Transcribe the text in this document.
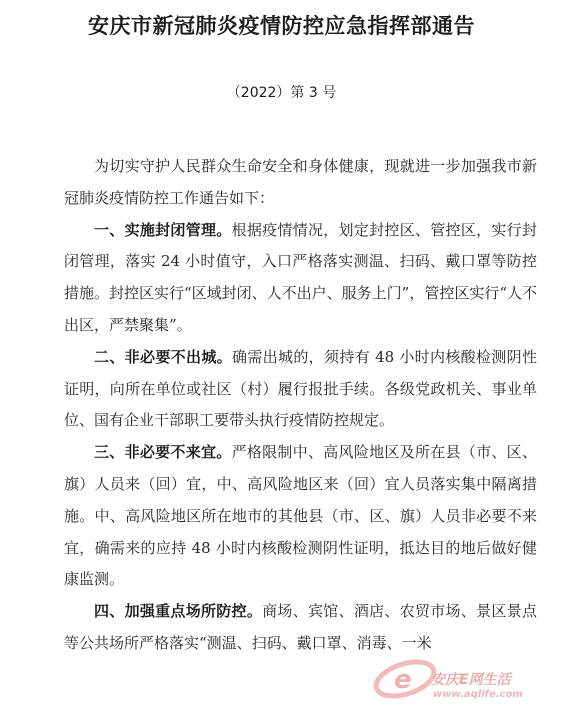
安庆市新冠肺炎疫情防控应急指挥部通告
（2022）第 3 号

为切实守护人民群众生命安全和身体健康，现就进一步加强我市新冠肺炎疫情防控工作通告如下：

一、实施封闭管理。根据疫情情况，划定封控区、管控区，实行封闭管理，落实 24 小时值守，入口严格落实测温、扫码、戴口罩等防控措施。封控区实行“区域封闭、人不出户、服务上门”，管控区实行“人不出区，严禁聚集”。

二、非必要不出城。确需出城的，须持有 48 小时内核酸检测阴性证明，向所在单位或社区（村）履行报批手续。各级党政机关、事业单位、国有企业干部职工要带头执行疫情防控规定。

三、非必要不来宜。严格限制中、高风险地区及所在县（市、区、旗）人员来（回）宜，中、高风险地区来（回）宜人员落实集中隔离措施。中、高风险地区所在地市的其他县（市、区、旗）人员非必要不来宜，确需来的应持 48 小时内核酸检测阴性证明，抵达目的地后做好健康监测。

四、加强重点场所防控。商场、宾馆、酒店、农贸市场、景区景点等公共场所严格落实“测温、扫码、戴口罩、消毒、一米

e 安庆E网生活
www.aqlife.com
